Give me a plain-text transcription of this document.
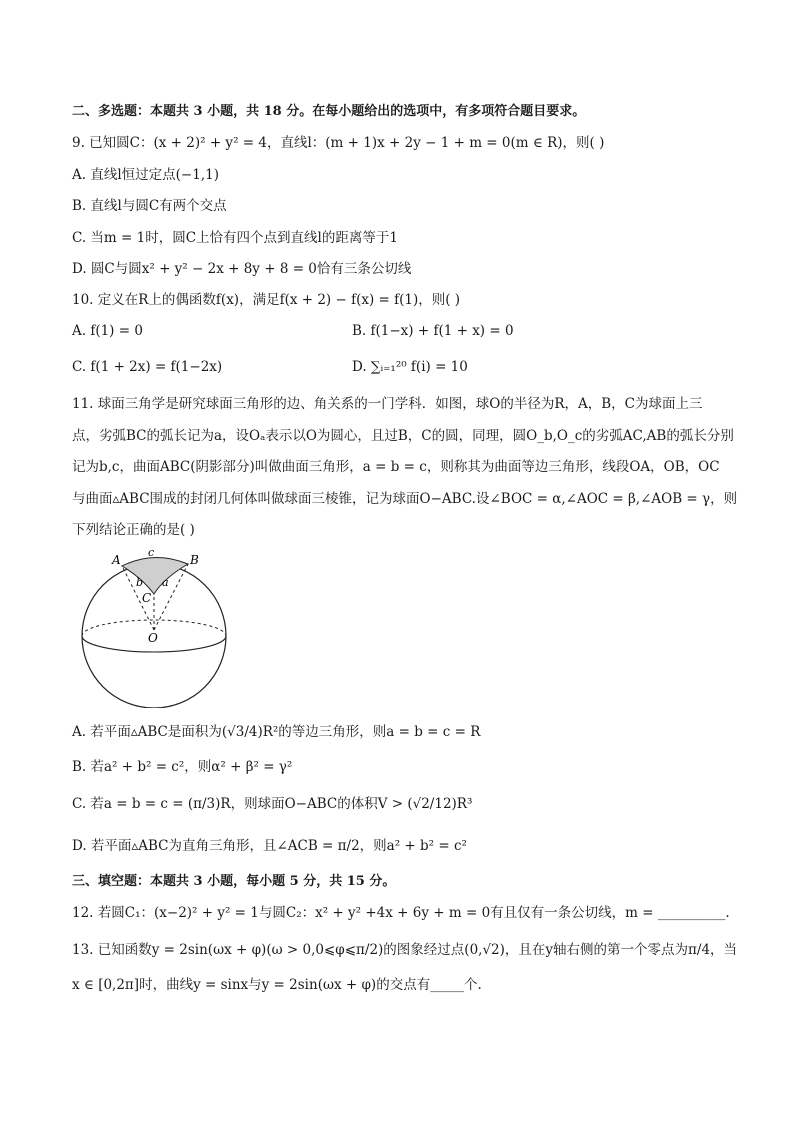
二、多选题：本题共 3 小题，共 18 分。在每小题给出的选项中，有多项符合题目要求。
9. 已知圆C：(x + 2)² + y² = 4，直线l：(m + 1)x + 2y − 1 + m = 0(m ∈ R)，则( )
A. 直线l恒过定点(−1,1)
B. 直线l与圆C有两个交点
C. 当m = 1时，圆C上恰有四个点到直线l的距离等于1
D. 圆C与圆x² + y² − 2x + 8y + 8 = 0恰有三条公切线
10. 定义在R上的偶函数f(x)，满足f(x + 2) − f(x) = f(1)，则( )
A. f(1) = 0	B. f(1−x) + f(1 + x) = 0
C. f(1 + 2x) = f(1−2x)	D. ∑ᵢ₌₁²⁰ f(i) = 10
11. 球面三角学是研究球面三角形的边、角关系的一门学科．如图，球O的半径为R，A，B，C为球面上三
点，劣弧BC的弧长记为a，设Oₐ表示以O为圆心，且过B，C的圆，同理，圆O_b,O_c的劣弧AC,AB的弧长分别
记为b,c，曲面ABC(阴影部分)叫做曲面三角形，a = b = c，则称其为曲面等边三角形，线段OA，OB，OC
与曲面▵ABC围成的封闭几何体叫做球面三棱锥，记为球面O−ABC.设∠BOC = α,∠AOC = β,∠AOB = γ，则
下列结论正确的是( )
A	B
c
b a
C
O
A. 若平面▵ABC是面积为(√3/4)R²的等边三角形，则a = b = c = R
B. 若a² + b² = c²，则α² + β² = γ²
C. 若a = b = c = (π/3)R，则球面O−ABC的体积V > (√2/12)R³
D. 若平面▵ABC为直角三角形，且∠ACB = π/2，则a² + b² = c²
三、填空题：本题共 3 小题，每小题 5 分，共 15 分。
12. 若圆C₁：(x−2)² + y² = 1与圆C₂：x² + y² +4x + 6y + m = 0有且仅有一条公切线，m = __________.
13. 已知函数y = 2sin(ωx + φ)(ω > 0,0⩽φ⩽π/2)的图象经过点(0,√2)，且在y轴右侧的第一个零点为π/4，当
x ∈ [0,2π]时，曲线y = sinx与y = 2sin(ωx + φ)的交点有_____个.
